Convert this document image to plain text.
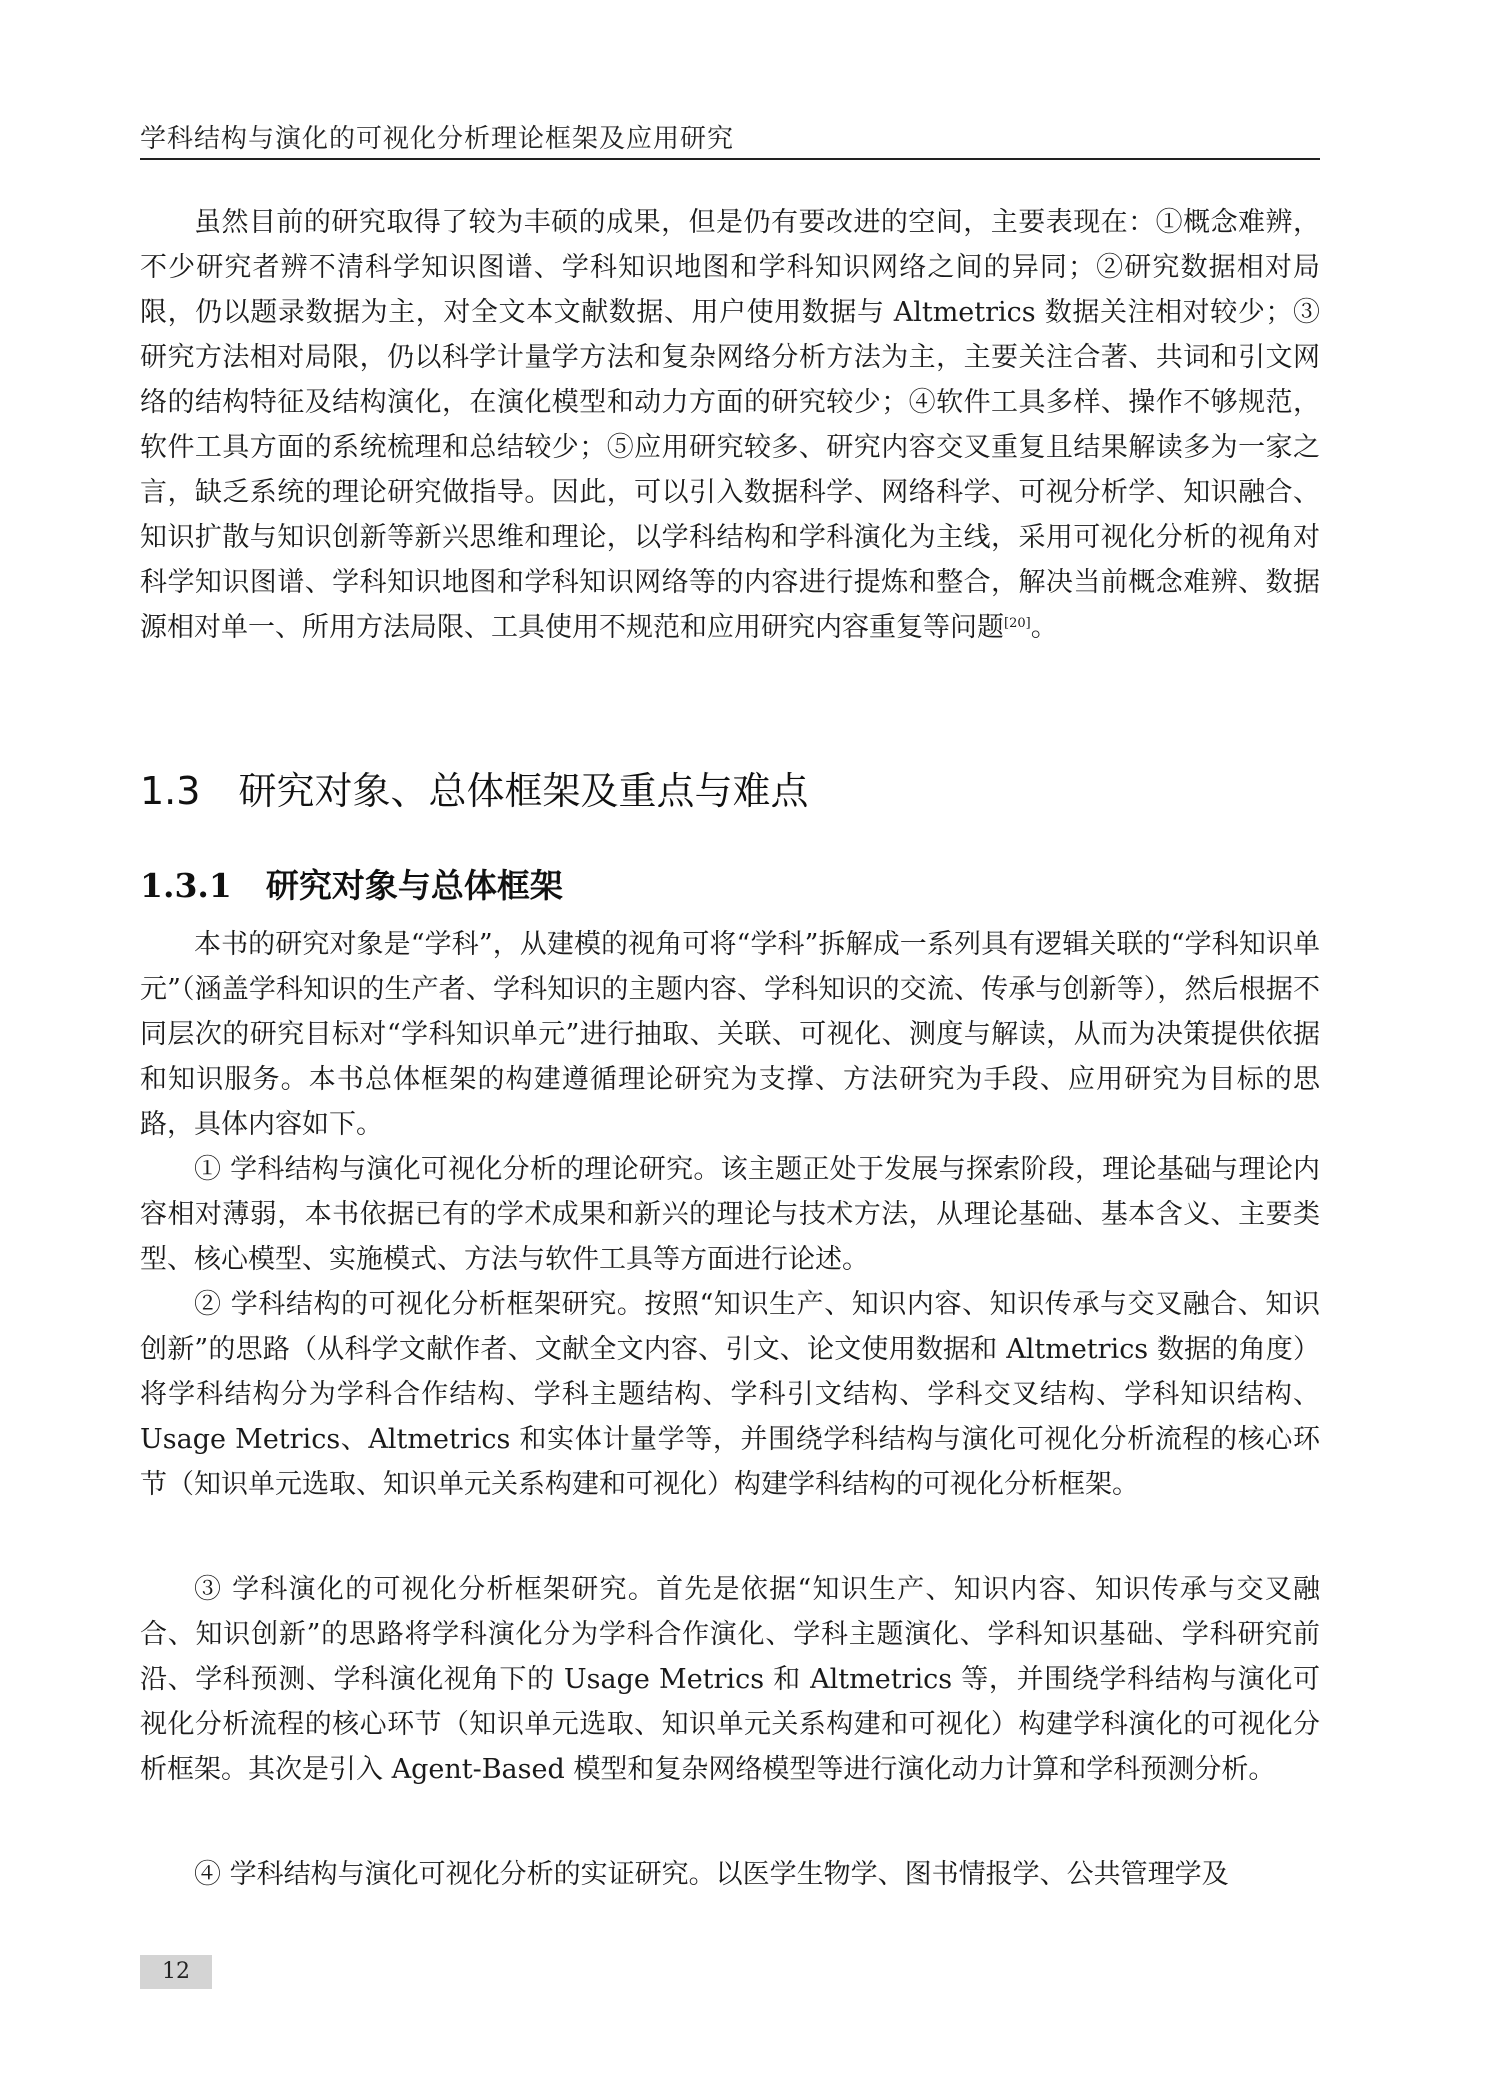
学科结构与演化的可视化分析理论框架及应用研究

虽然目前的研究取得了较为丰硕的成果，但是仍有要改进的空间，主要表现在：①概念难辨，不少研究者辨不清科学知识图谱、学科知识地图和学科知识网络之间的异同；②研究数据相对局限，仍以题录数据为主，对全文本文献数据、用户使用数据与 Altmetrics 数据关注相对较少；③研究方法相对局限，仍以科学计量学方法和复杂网络分析方法为主，主要关注合著、共词和引文网络的结构特征及结构演化，在演化模型和动力方面的研究较少；④软件工具多样、操作不够规范，软件工具方面的系统梳理和总结较少；⑤应用研究较多、研究内容交叉重复且结果解读多为一家之言，缺乏系统的理论研究做指导。因此，可以引入数据科学、网络科学、可视分析学、知识融合、知识扩散与知识创新等新兴思维和理论，以学科结构和学科演化为主线，采用可视化分析的视角对科学知识图谱、学科知识地图和学科知识网络等的内容进行提炼和整合，解决当前概念难辨、数据源相对单一、所用方法局限、工具使用不规范和应用研究内容重复等问题[20]。

1.3 研究对象、总体框架及重点与难点
1.3.1 研究对象与总体框架

本书的研究对象是“学科”，从建模的视角可将“学科”拆解成一系列具有逻辑关联的“学科知识单元”（涵盖学科知识的生产者、学科知识的主题内容、学科知识的交流、传承与创新等），然后根据不同层次的研究目标对“学科知识单元”进行抽取、关联、可视化、测度与解读，从而为决策提供依据和知识服务。本书总体框架的构建遵循理论研究为支撑、方法研究为手段、应用研究为目标的思路，具体内容如下。

① 学科结构与演化可视化分析的理论研究。该主题正处于发展与探索阶段，理论基础与理论内容相对薄弱，本书依据已有的学术成果和新兴的理论与技术方法，从理论基础、基本含义、主要类型、核心模型、实施模式、方法与软件工具等方面进行论述。

② 学科结构的可视化分析框架研究。按照“知识生产、知识内容、知识传承与交叉融合、知识创新”的思路（从科学文献作者、文献全文内容、引文、论文使用数据和 Altmetrics 数据的角度）将学科结构分为学科合作结构、学科主题结构、学科引文结构、学科交叉结构、学科知识结构、Usage Metrics、Altmetrics 和实体计量学等，并围绕学科结构与演化可视化分析流程的核心环节（知识单元选取、知识单元关系构建和可视化）构建学科结构的可视化分析框架。

③ 学科演化的可视化分析框架研究。首先是依据“知识生产、知识内容、知识传承与交叉融合、知识创新”的思路将学科演化分为学科合作演化、学科主题演化、学科知识基础、学科研究前沿、学科预测、学科演化视角下的 Usage Metrics 和 Altmetrics 等，并围绕学科结构与演化可视化分析流程的核心环节（知识单元选取、知识单元关系构建和可视化）构建学科演化的可视化分析框架。其次是引入 Agent-Based 模型和复杂网络模型等进行演化动力计算和学科预测分析。

④ 学科结构与演化可视化分析的实证研究。以医学生物学、图书情报学、公共管理学及

12
